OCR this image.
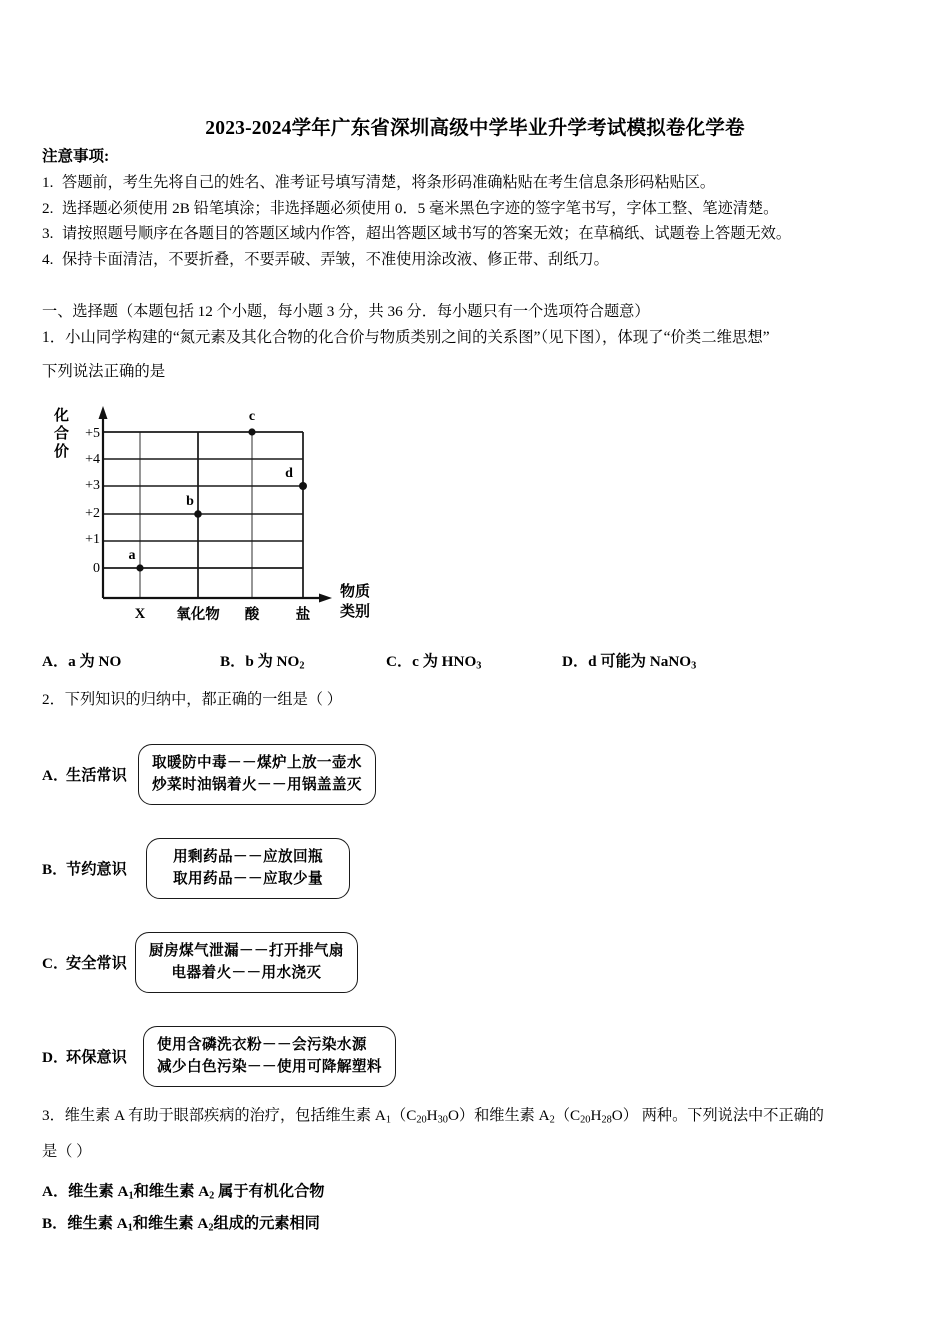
2023-2024学年广东省深圳高级中学毕业升学考试模拟卷化学卷
注意事项:
1. 答题前，考生先将自己的姓名、准考证号填写清楚，将条形码准确粘贴在考生信息条形码粘贴区。
2. 选择题必须使用 2B 铅笔填涂；非选择题必须使用 0．5 毫米黑色字迹的签字笔书写，字体工整、笔迹清楚。
3. 请按照题号顺序在各题目的答题区域内作答，超出答题区域书写的答案无效；在草稿纸、试题卷上答题无效。
4. 保持卡面清洁，不要折叠，不要弄破、弄皱，不准使用涂改液、修正带、刮纸刀。
一、选择题（本题包括 12 个小题，每小题 3 分，共 36 分．每小题只有一个选项符合题意）
1．小山同学构建的“氮元素及其化合物的化合价与物质类别之间的关系图”（见下图），体现了“价类二维思想”
下列说法正确的是
化
合
价
+5
+4
+3
+2
+1
0
X 氧化物 酸	盐
物质
类别
a
b
c
d
A．a 为 NO	B．b 为 $NO_2$	C．c 为 $HNO_3$	D．d 可能为 NaNO$_3$
2．下列知识的归纳中，都正确的一组是（ ）
A．生活常识
取暖防中毒－－煤炉上放一壶水
炒菜时油锅着火－－用锅盖盖灭
B．节约意识
用剩药品－－应放回瓶
取用药品－－应取少量
C．安全常识
厨房煤气泄漏－－打开排气扇
电器着火－－用水浇灭
D．环保意识
使用含磷洗衣粉－－会污染水源
减少白色污染－－使用可降解塑料
3．维生素 A 有助于眼部疾病的治疗，包括维生素 $A_1(C_{20}H_{30}O)$和维生素 $A_2(C_{20}H_{28}O)$ 两种。下列说法中不正确的
是（ ）
A．维生素 $A_1$和维生素 $A_2$ 属于有机化合物
B．维生素 $A_1$和维生素 $A_2$组成的元素相同
